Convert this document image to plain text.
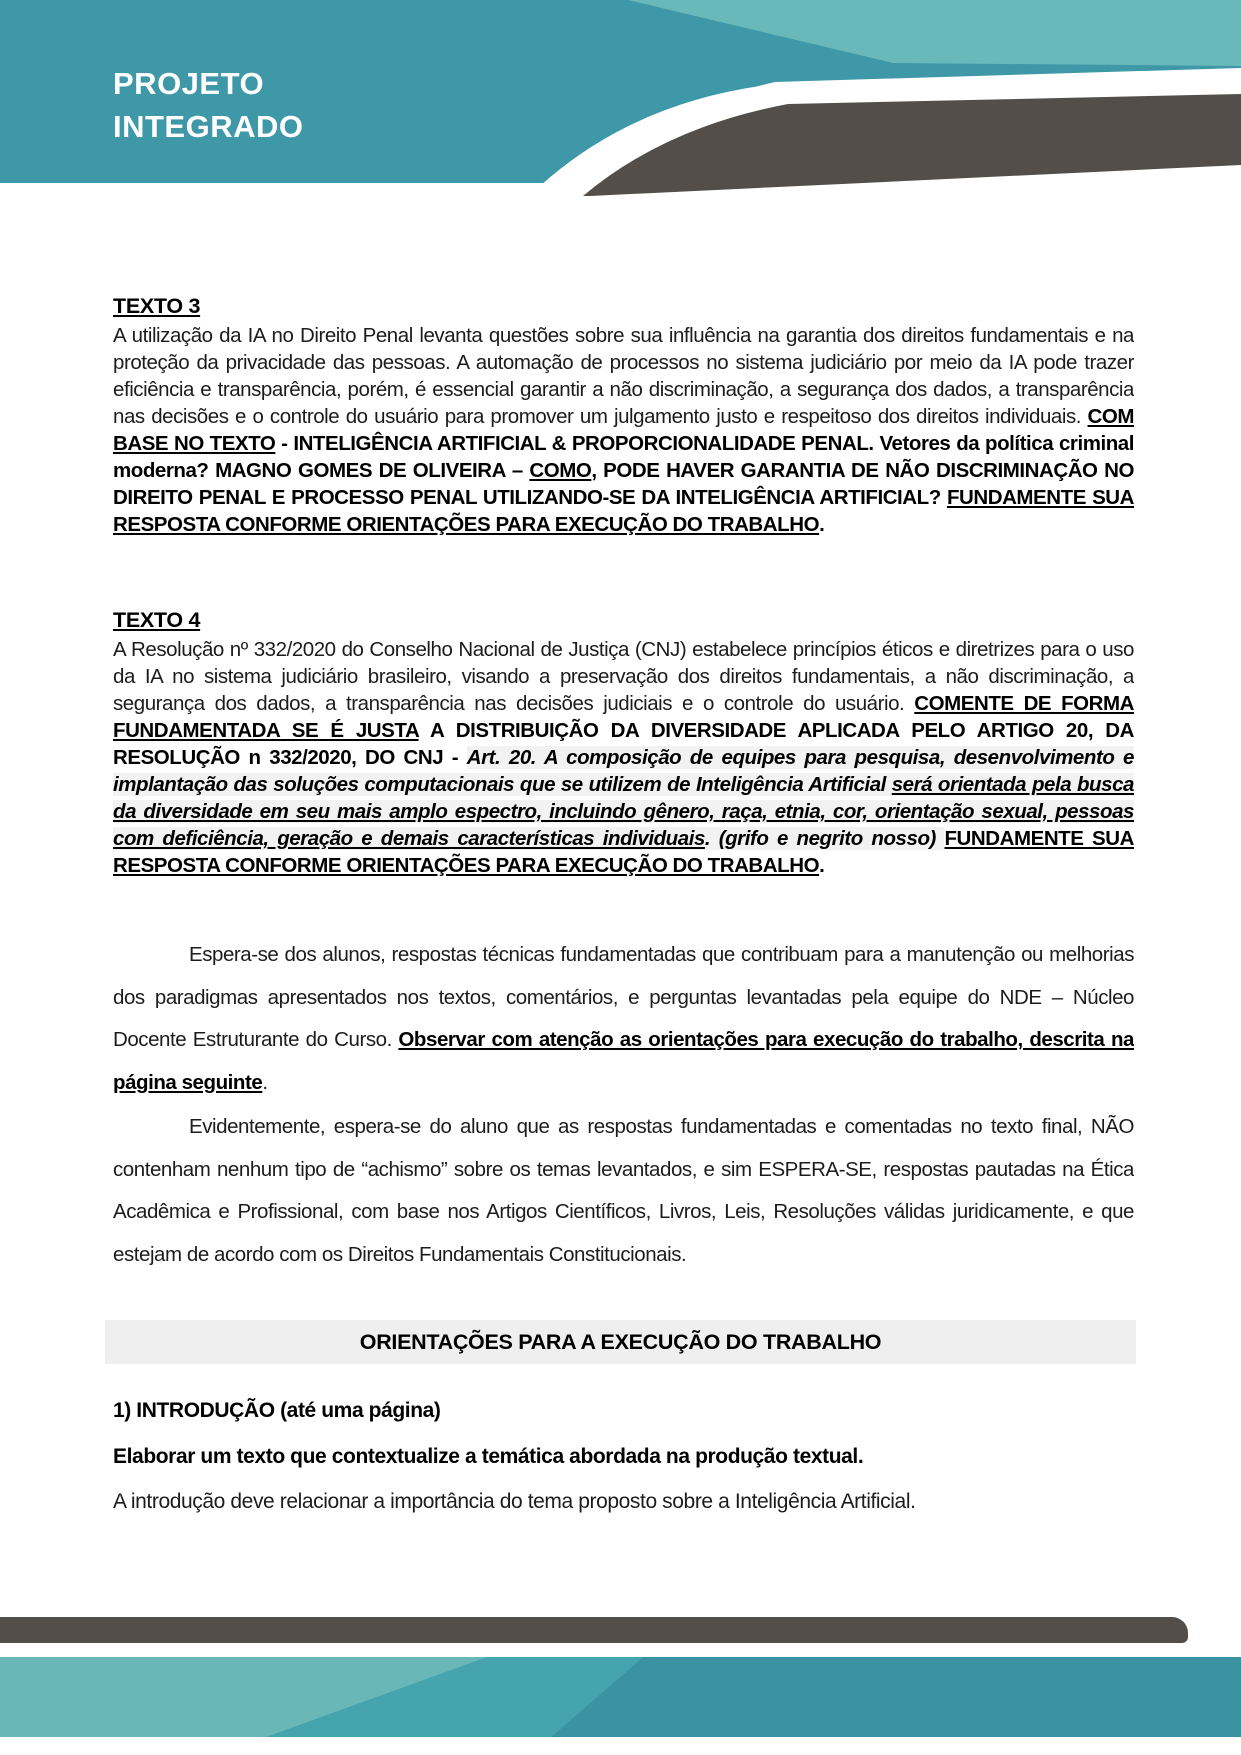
PROJETO
INTEGRADO
TEXTO 3

A utilização da IA no Direito Penal levanta questões sobre sua influência na garantia dos direitos fundamentais e na proteção da privacidade das pessoas. A automação de processos no sistema judiciário por meio da IA pode trazer eficiência e transparência, porém, é essencial garantir a não discriminação, a segurança dos dados, a transparência nas decisões e o controle do usuário para promover um julgamento justo e respeitoso dos direitos individuais. COM BASE NO TEXTO - INTELIGÊNCIA ARTIFICIAL & PROPORCIONALIDADE PENAL. Vetores da política criminal moderna? MAGNO GOMES DE OLIVEIRA – COMO, PODE HAVER GARANTIA DE NÃO DISCRIMINAÇÃO NO DIREITO PENAL E PROCESSO PENAL UTILIZANDO-SE DA INTELIGÊNCIA ARTIFICIAL? FUNDAMENTE SUA RESPOSTA CONFORME ORIENTAÇÕES PARA EXECUÇÃO DO TRABALHO.

TEXTO 4

A Resolução nº 332/2020 do Conselho Nacional de Justiça (CNJ) estabelece princípios éticos e diretrizes para o uso da IA no sistema judiciário brasileiro, visando a preservação dos direitos fundamentais, a não discriminação, a segurança dos dados, a transparência nas decisões judiciais e o controle do usuário. COMENTE DE FORMA FUNDAMENTADA SE É JUSTA A DISTRIBUIÇÃO DA DIVERSIDADE APLICADA PELO ARTIGO 20, DA RESOLUÇÃO n 332/2020, DO CNJ - Art. 20. A composição de equipes para pesquisa, desenvolvimento e implantação das soluções computacionais que se utilizem de Inteligência Artificial será orientada pela busca da diversidade em seu mais amplo espectro, incluindo gênero, raça, etnia, cor, orientação sexual, pessoas com deficiência, geração e demais características individuais. (grifo e negrito nosso) FUNDAMENTE SUA RESPOSTA CONFORME ORIENTAÇÕES PARA EXECUÇÃO DO TRABALHO.

Espera-se dos alunos, respostas técnicas fundamentadas que contribuam para a manutenção ou melhorias dos paradigmas apresentados nos textos, comentários, e perguntas levantadas pela equipe do NDE – Núcleo Docente Estruturante do Curso. Observar com atenção as orientações para execução do trabalho, descrita na página seguinte.

Evidentemente, espera-se do aluno que as respostas fundamentadas e comentadas no texto final, NÃO contenham nenhum tipo de “achismo” sobre os temas levantados, e sim ESPERA-SE, respostas pautadas na Ética Acadêmica e Profissional, com base nos Artigos Científicos, Livros, Leis, Resoluções válidas juridicamente, e que estejam de acordo com os Direitos Fundamentais Constitucionais.

ORIENTAÇÕES PARA A EXECUÇÃO DO TRABALHO
1) INTRODUÇÃO (até uma página)
Elaborar um texto que contextualize a temática abordada na produção textual.
A introdução deve relacionar a importância do tema proposto sobre a Inteligência Artificial.
